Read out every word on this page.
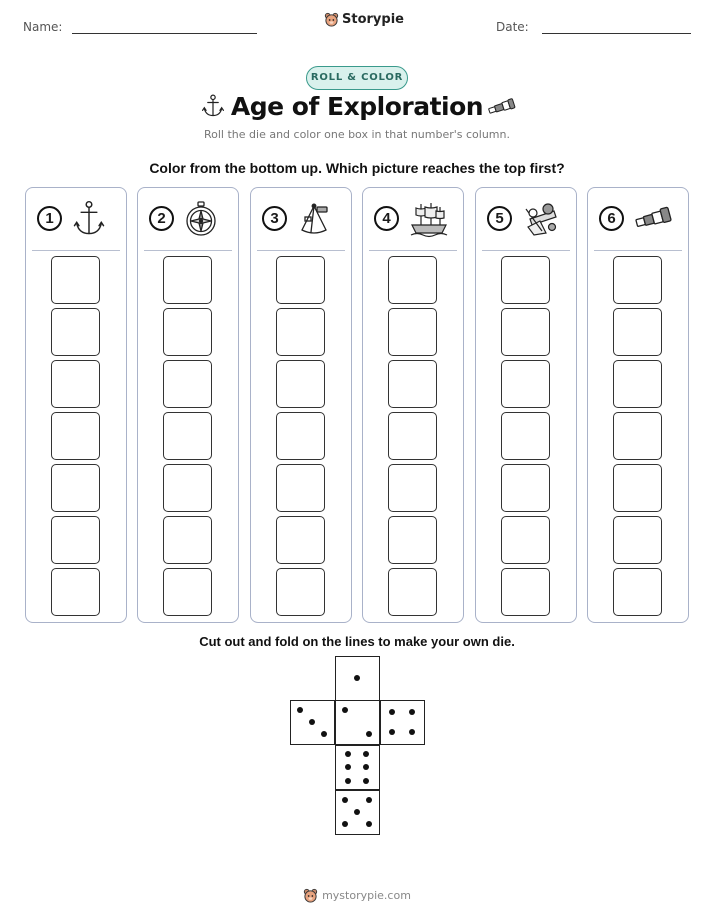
Name:	Storypie	Date:
ROLL & COLOR
Age of Exploration
Roll the die and color one box in that number's column.
Color from the bottom up. Which picture reaches the top first?
1	2	3	4	5	6
Cut out and fold on the lines to make your own die.
mystorypie.com
